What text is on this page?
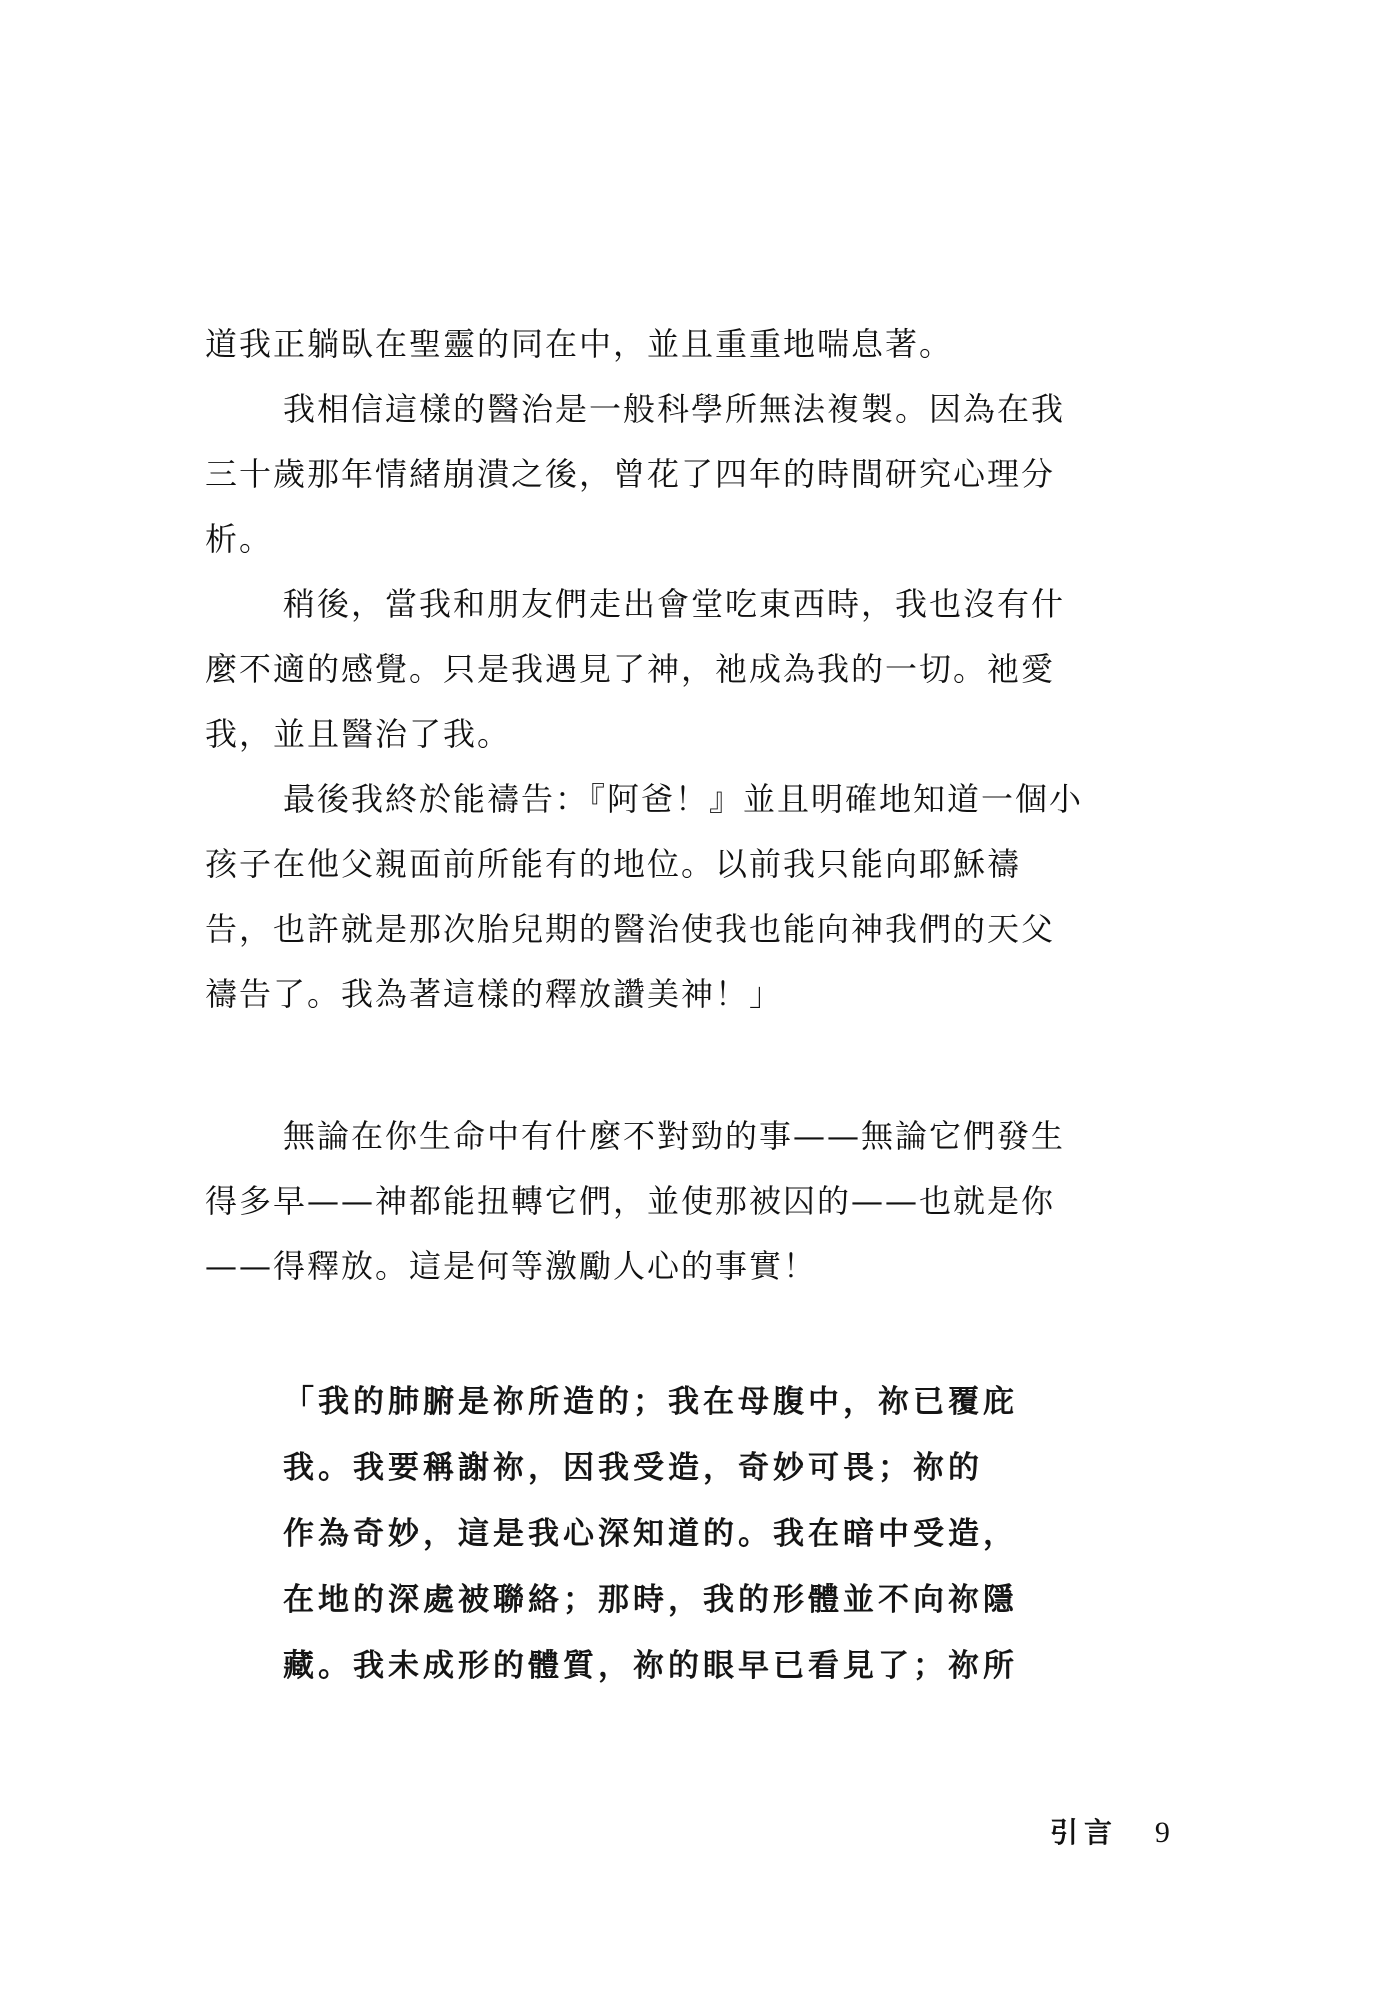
道我正躺臥在聖靈的同在中，並且重重地喘息著。
我相信這樣的醫治是一般科學所無法複製。因為在我
三十歲那年情緒崩潰之後，曾花了四年的時間研究心理分
析。
稍後，當我和朋友們走出會堂吃東西時，我也沒有什
麼不適的感覺。只是我遇見了神，祂成為我的一切。祂愛
我，並且醫治了我。
最後我終於能禱告：『阿爸！』並且明確地知道一個小
孩子在他父親面前所能有的地位。以前我只能向耶穌禱
告，也許就是那次胎兒期的醫治使我也能向神我們的天父
禱告了。我為著這樣的釋放讚美神！」
無論在你生命中有什麼不對勁的事——無論它們發生
得多早——神都能扭轉它們，並使那被囚的——也就是你
——得釋放。這是何等激勵人心的事實！
「我的肺腑是祢所造的；我在母腹中，祢已覆庇
我。我要稱謝祢，因我受造，奇妙可畏；祢的
作為奇妙，這是我心深知道的。我在暗中受造，
在地的深處被聯絡；那時，我的形體並不向祢隱
藏。我未成形的體質，祢的眼早已看見了；祢所
引言 9
